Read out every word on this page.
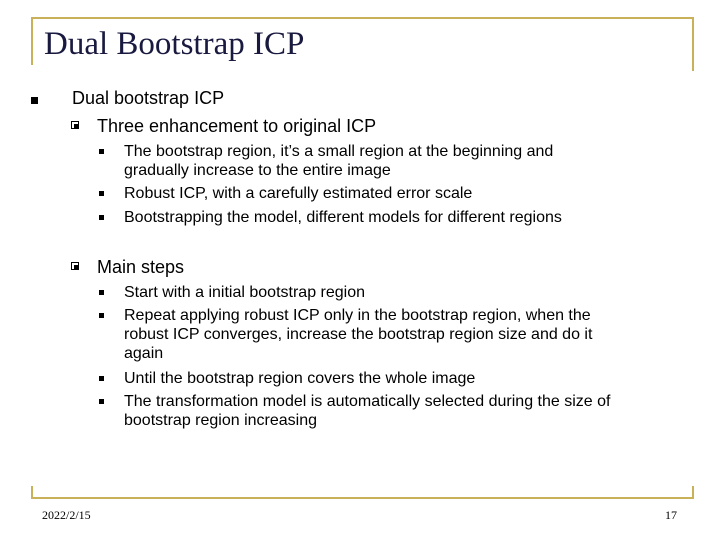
Dual Bootstrap ICP
Dual bootstrap ICP
Three enhancement to original ICP
The bootstrap region, it’s a small region at the beginning and
gradually increase to the entire image
Robust ICP, with a carefully estimated error scale
Bootstrapping the model, different models for different regions
Main steps
Start with a initial bootstrap region
Repeat applying robust ICP only in the bootstrap region, when the
robust ICP converges, increase the bootstrap region size and do it
again
Until the bootstrap region covers the whole image
The transformation model is automatically selected during the size of
bootstrap region increasing
2022/2/15	17
